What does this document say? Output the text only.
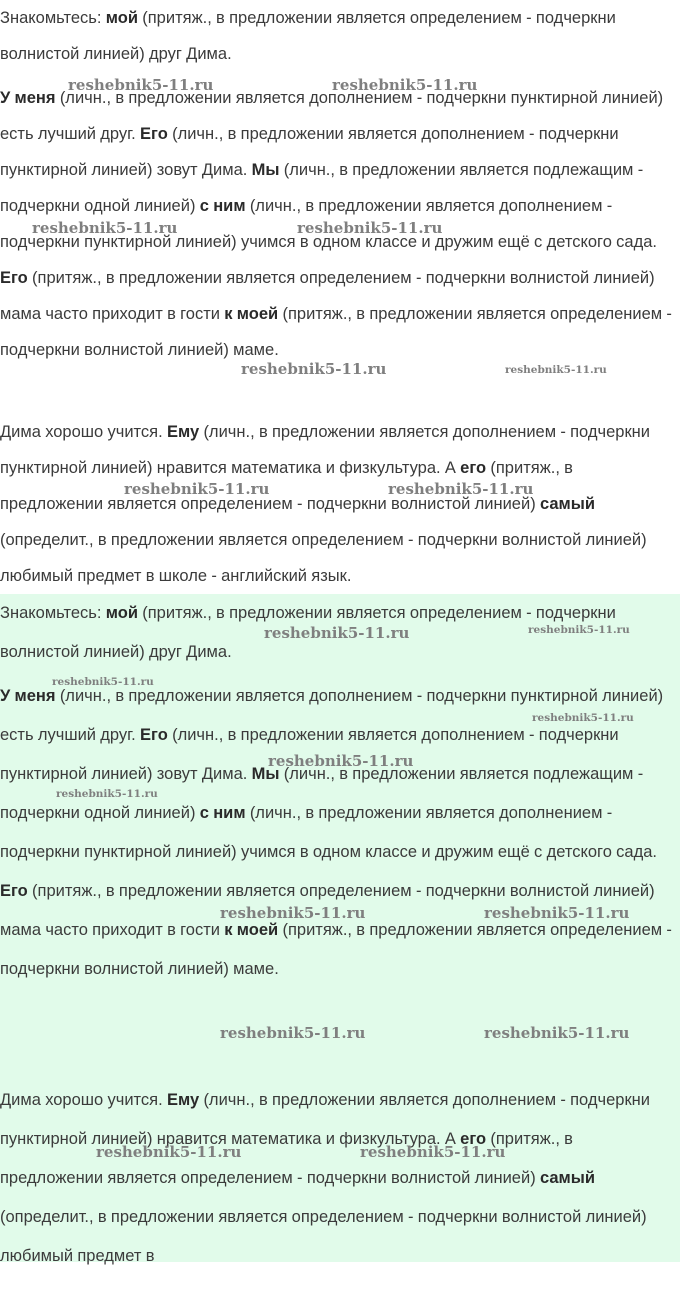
Знакомьтесь: мой (притяж., в предложении является определением - подчеркни волнистой линией) друг Дима.

У меня (личн., в предложении является дополнением - подчеркни пунктирной линией) есть лучший друг. Его (личн., в предложении является дополнением - подчеркни пунктирной линией) зовут Дима. Мы (личн., в предложении является подлежащим - подчеркни одной линией) с ним (личн., в предложении является дополнением - подчеркни пунктирной линией) учимся в одном классе и дружим ещё с детского сада. Его (притяж., в предложении является определением - подчеркни волнистой линией) мама часто приходит в гости к моей (притяж., в предложении является определением - подчеркни волнистой линией) маме.

Дима хорошо учится. Ему (личн., в предложении является дополнением - подчеркни пунктирной линией) нравится математика и физкультура. А его (притяж., в предложении является определением - подчеркни волнистой линией) самый (определит., в предложении является определением - подчеркни волнистой линией) любимый предмет в школе - английский язык.

reshebnik5-11.ru	reshebnik5-11.ru
reshebnik5-11.ru	reshebnik5-11.ru
reshebnik5-11.ru	reshebnik5-11.ru
reshebnik5-11.ru	reshebnik5-11.ru

Знакомьтесь: мой (притяж., в предложении является определением - подчеркни волнистой линией) друг Дима.

У меня (личн., в предложении является дополнением - подчеркни пунктирной линией) есть лучший друг. Его (личн., в предложении является дополнением - подчеркни пунктирной линией) зовут Дима. Мы (личн., в предложении является подлежащим - подчеркни одной линией) с ним (личн., в предложении является дополнением - подчеркни пунктирной линией) учимся в одном классе и дружим ещё с детского сада. Его (притяж., в предложении является определением - подчеркни волнистой линией) мама часто приходит в гости к моей (притяж., в предложении является определением - подчеркни волнистой линией) маме.

Дима хорошо учится. Ему (личн., в предложении является дополнением - подчеркни пунктирной линией) нравится математика и физкультура. А его (притяж., в предложении является определением - подчеркни волнистой линией) самый (определит., в предложении является определением - подчеркни волнистой линией) любимый предмет в

reshebnik5-11.ru	reshebnik5-11.ru
reshebnik5-11.ru
reshebnik5-11.ru
reshebnik5-11.ru
reshebnik5-11.ru
reshebnik5-11.ru	reshebnik5-11.ru
reshebnik5-11.ru	reshebnik5-11.ru
reshebnik5-11.ru	reshebnik5-11.ru
